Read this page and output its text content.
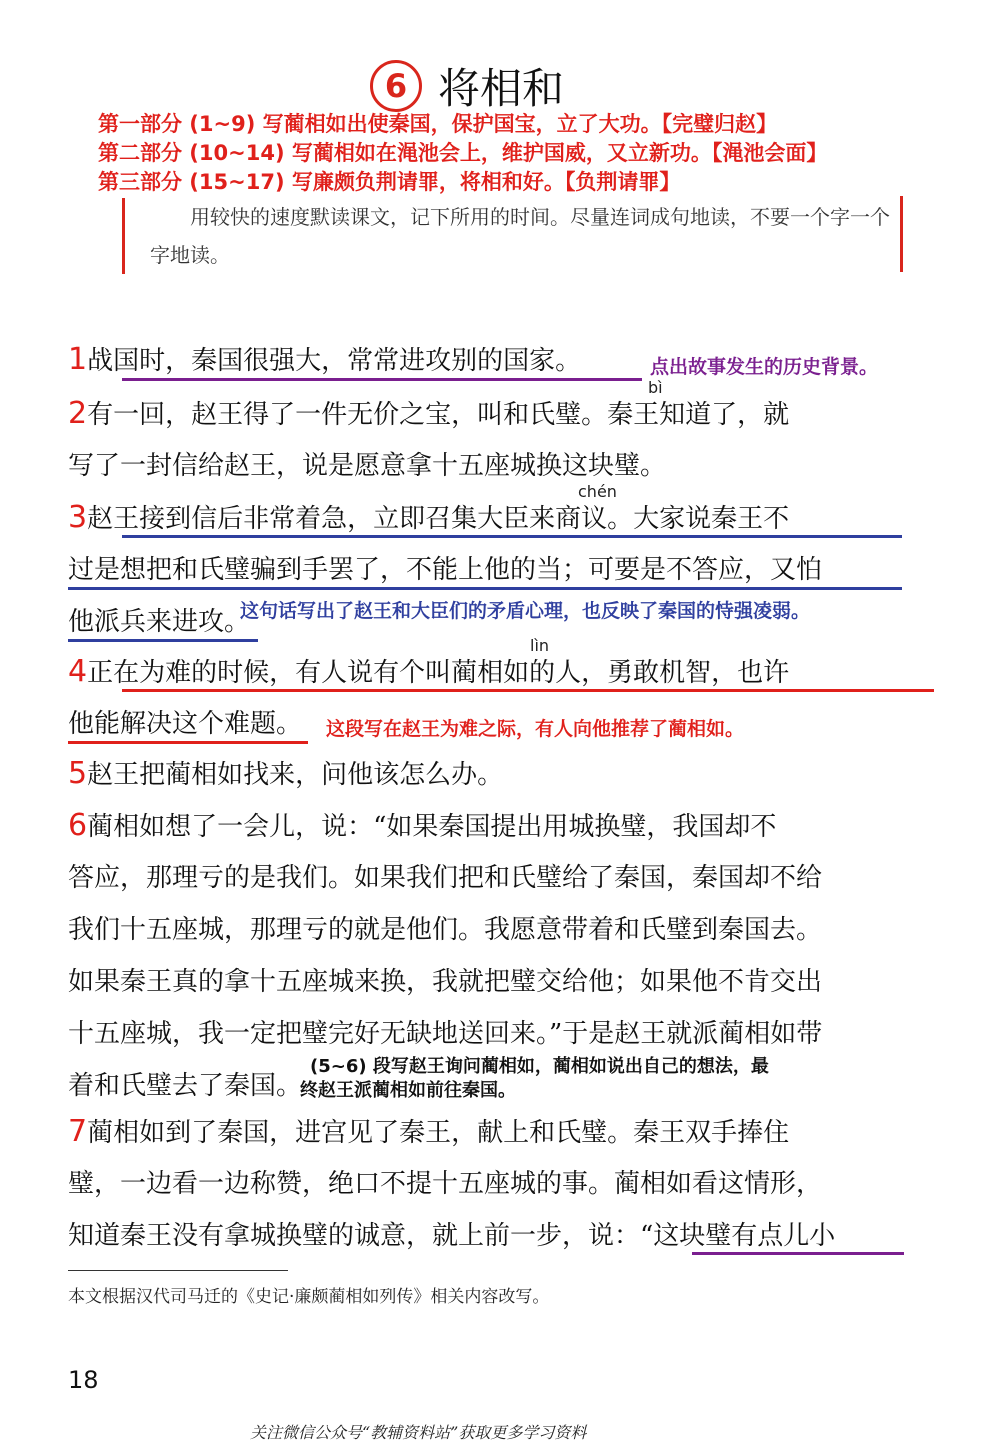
6 将相和
第一部分 (1~9) 写蔺相如出使秦国，保护国宝，立了大功。【完璧归赵】
第二部分 (10~14) 写蔺相如在渑池会上，维护国威，又立新功。【渑池会面】
第三部分 (15~17) 写廉颇负荆请罪，将相和好。【负荆请罪】
用较快的速度默读课文，记下所用的时间。尽量连词成句地读，不要一个字一个字地读。
1战国时，秦国很强大，常常进攻别的国家。	点出故事发生的历史背景。
bì
2有一回，赵王得了一件无价之宝，叫和氏璧。秦王知道了，就
写了一封信给赵王，说是愿意拿十五座城换这块璧。
chén
3赵王接到信后非常着急，立即召集大臣来商议。大家说秦王不
过是想把和氏璧骗到手罢了，不能上他的当；可要是不答应，又怕
他派兵来进攻。
这句话写出了赵王和大臣们的矛盾心理，也反映了秦国的恃强凌弱。
lìn
4正在为难的时候，有人说有个叫蔺相如的人，勇敢机智，也许
他能解决这个难题。 这段写在赵王为难之际，有人向他推荐了蔺相如。
5赵王把蔺相如找来，问他该怎么办。
6蔺相如想了一会儿，说：“如果秦国提出用城换璧，我国却不
答应，那理亏的是我们。如果我们把和氏璧给了秦国，秦国却不给
我们十五座城，那理亏的就是他们。我愿意带着和氏璧到秦国去。
如果秦王真的拿十五座城来换，我就把璧交给他；如果他不肯交出
十五座城，我一定把璧完好无缺地送回来。”于是赵王就派蔺相如带
着和氏璧去了秦国。
(5~6) 段写赵王询问蔺相如，蔺相如说出自己的想法，最
终赵王派蔺相如前往秦国。
7蔺相如到了秦国，进宫见了秦王，献上和氏璧。秦王双手捧住
璧，一边看一边称赞，绝口不提十五座城的事。蔺相如看这情形，
知道秦王没有拿城换璧的诚意，就上前一步，说：“这块璧有点儿小
本文根据汉代司马迁的《史记·廉颇蔺相如列传》相关内容改写。
18
关注微信公众号“教辅资料站”获取更多学习资料
